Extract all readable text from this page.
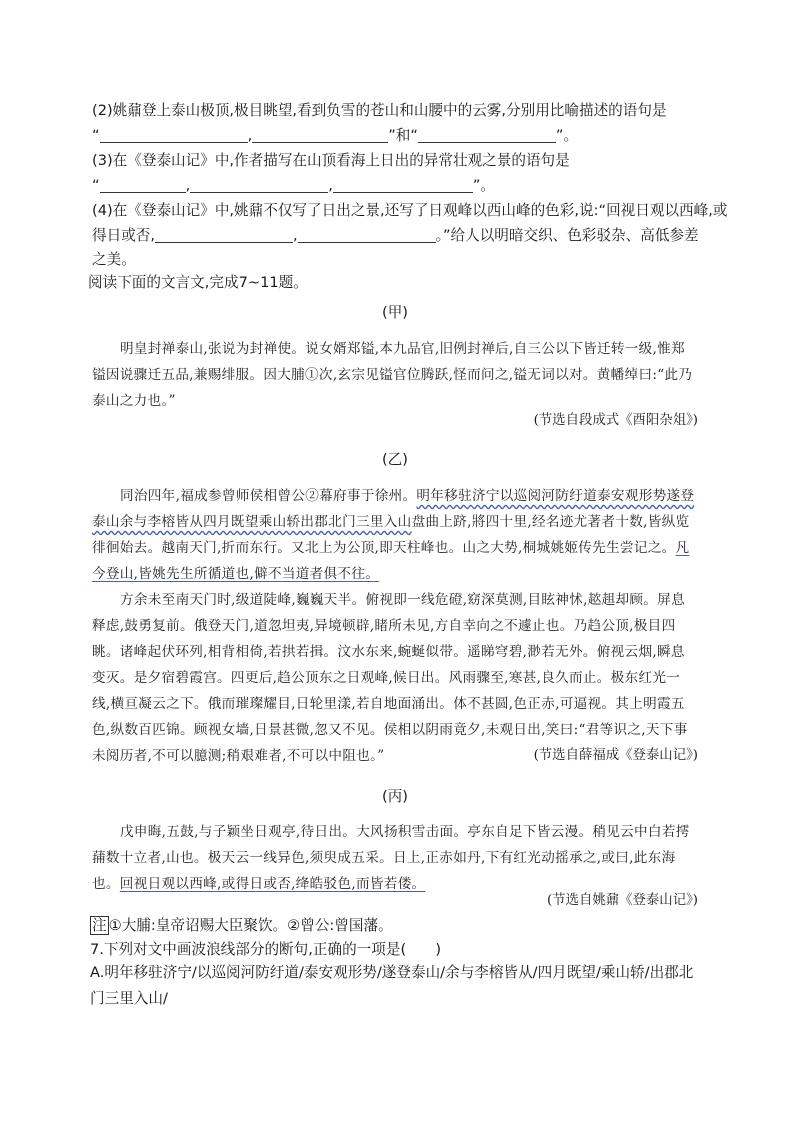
(2)姚鼐登上泰山极顶,极目眺望,看到负雪的苍山和山腰中的云雾,分别用比喻描述的语句是
“	,	”和“	”。
(3)在《登泰山记》中,作者描写在山顶看海上日出的异常壮观之景的语句是
“	,	,	”。
(4)在《登泰山记》中,姚鼐不仅写了日出之景,还写了日观峰以西山峰的色彩,说:“回视日观以西峰,或
得日或否,	,	。”给人以明暗交织、色彩驳杂、高低参差
之美。
阅读下面的文言文,完成7~11题。
(甲)
明皇封禅泰山,张说为封禅使。说女婿郑镒,本九品官,旧例封禅后,自三公以下皆迁转一级,惟郑
镒因说骤迁五品,兼赐绯服。因大脯①次,玄宗见镒官位腾跃,怪而问之,镒无词以对。黄幡绰曰:“此乃
泰山之力也。”
(节选自段成式《酉阳杂俎》)
(乙)
同治四年,福成参曾师侯相曾公②幕府事于徐州。明年移驻济宁以巡阅河防纡道泰安观形势遂登
泰山余与李榕皆从四月既望乘山轿出郡北门三里入山盘曲上跻,將四十里,经名迹尤著者十数,皆纵览
徘徊始去。越南天门,折而东行。又北上为公顶,即天柱峰也。山之大势,桐城姚姬传先生尝记之。凡
今登山,皆姚先生所循道也,僻不当道者俱不往。
方余未至南天门时,级道陡峰,巍巍天半。俯视即一线危磴,窈深莫测,目眩神怵,趑趄却顾。屏息
释虑,鼓勇复前。俄登天门,道忽坦夷,异境顿辟,睹所未见,方自幸向之不遽止也。乃趋公顶,极目四
眺。诸峰起伏环列,相背相倚,若拱若揖。汶水东来,蜿蜒似带。遥睇穹碧,渺若无外。俯视云烟,瞬息
变灭。是夕宿碧霞宫。四更后,趋公顶东之日观峰,候日出。风雨骤至,寒甚,良久而止。极东红光一
线,横亘凝云之下。俄而璀璨耀目,日轮里漾,若自地面涌出。体不甚圆,色正赤,可逼视。其上明霞五
色,纵数百匹锦。顾视女墙,日景甚微,忽又不见。侯相以阴雨竟夕,未观日出,笑曰:“君等识之,天下事
未阅历者,不可以臆测;稍艰难者,不可以中阻也。”	(节选自薛福成《登泰山记》)
(丙)
戊申晦,五鼓,与子颖坐日观亭,待日出。大风扬积雪击面。亭东自足下皆云漫。稍见云中白若摴
蒱数十立者,山也。极天云一线异色,须臾成五采。日上,正赤如丹,下有红光动摇承之,或曰,此东海
也。回视日观以西峰,或得日或否,绛皓驳色,而皆若偻。
(节选自姚鼐《登泰山记》)
注 ①大脯:皇帝诏赐大臣聚饮。②曾公:曾国藩。
7.下列对文中画波浪线部分的断句,正确的一项是(　　)
A.明年移驻济宁/以巡阅河防纡道/泰安观形势/遂登泰山/余与李榕皆从/四月既望/乘山轿/出郡北门三里入山/
